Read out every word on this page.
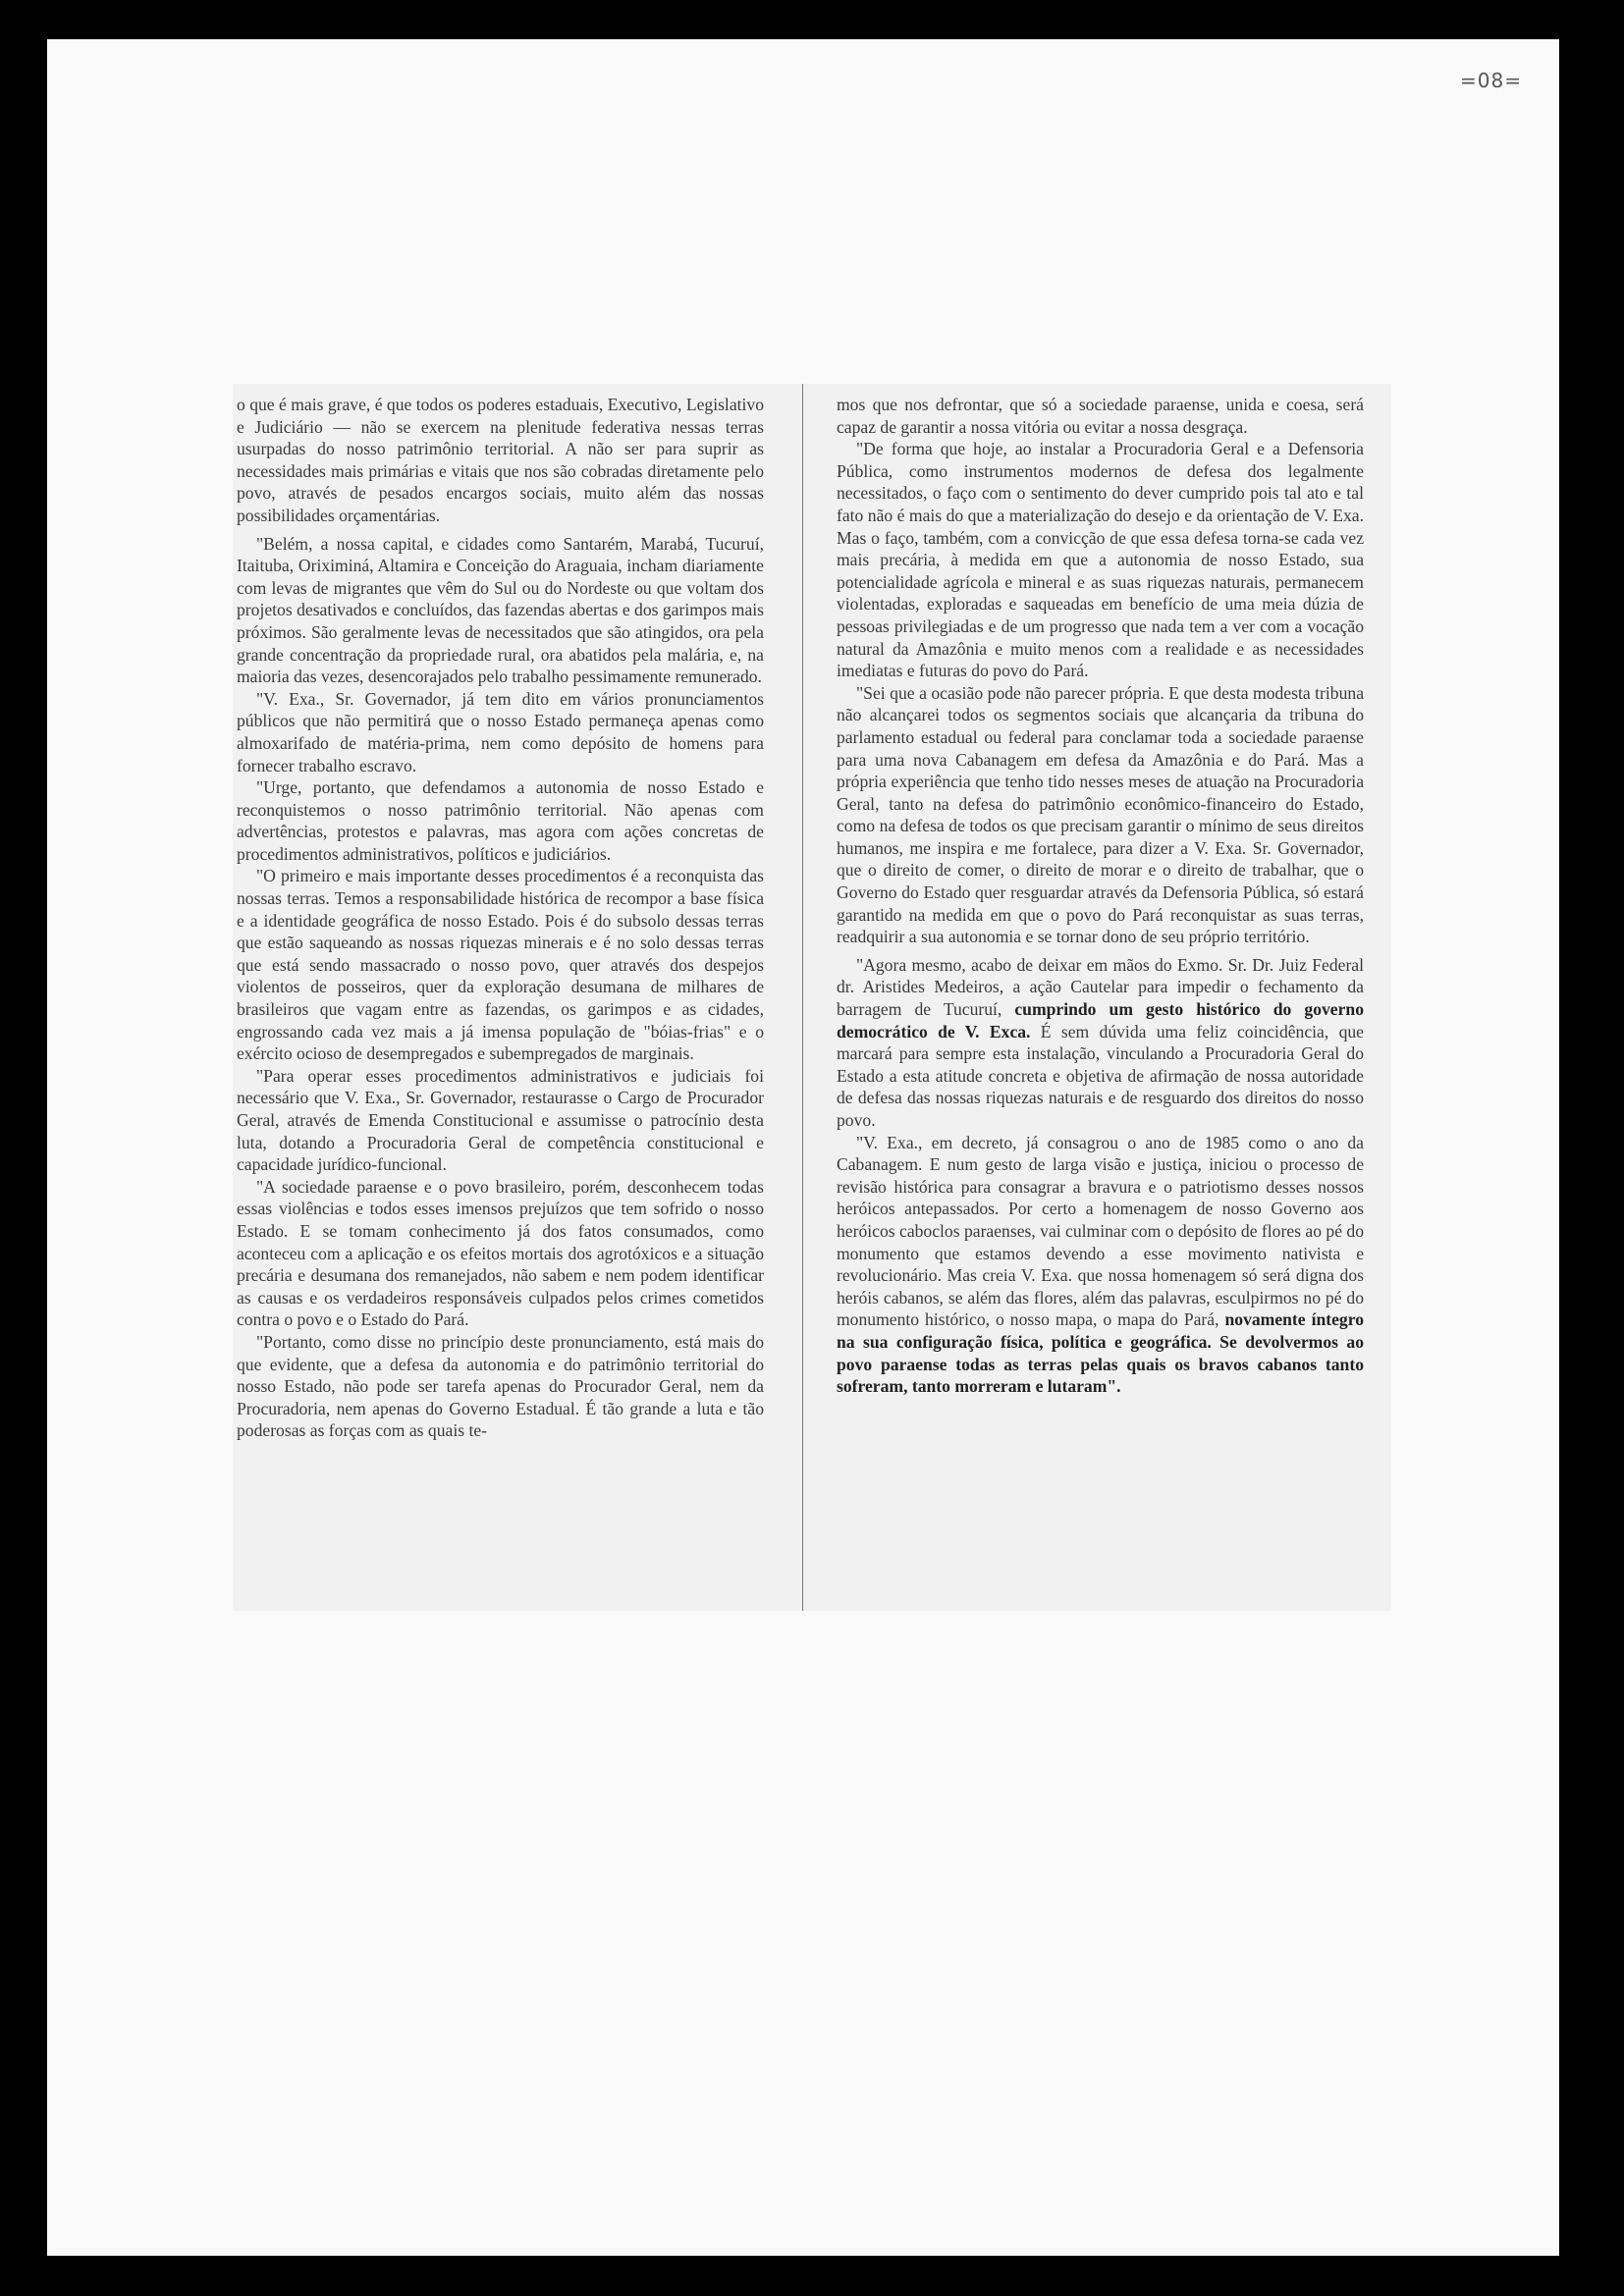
=08=

o que é mais grave, é que todos os poderes estaduais, Executivo, Legislativo e Judiciário — não se exercem na plenitude federativa nessas terras usurpadas do nosso patrimônio territorial. A não ser para suprir as necessidades mais primárias e vitais que nos são cobradas diretamente pelo povo, através de pesados encargos sociais, muito além das nossas possibilidades orçamentárias.

"Belém, a nossa capital, e cidades como Santarém, Marabá, Tucuruí, Itaituba, Oriximiná, Altamira e Conceição do Araguaia, incham diariamente com levas de migrantes que vêm do Sul ou do Nordeste ou que voltam dos projetos desativados e concluídos, das fazendas abertas e dos garimpos mais próximos. São geralmente levas de necessitados que são atingidos, ora pela grande concentração da propriedade rural, ora abatidos pela malária, e, na maioria das vezes, desencorajados pelo trabalho pessimamente remunerado.

"V. Exa., Sr. Governador, já tem dito em vários pronunciamentos públicos que não permitirá que o nosso Estado permaneça apenas como almoxarifado de matéria-prima, nem como depósito de homens para fornecer trabalho escravo.

"Urge, portanto, que defendamos a autonomia de nosso Estado e reconquistemos o nosso patrimônio territorial. Não apenas com advertências, protestos e palavras, mas agora com ações concretas de procedimentos administrativos, políticos e judiciários.

"O primeiro e mais importante desses procedimentos é a reconquista das nossas terras. Temos a responsabilidade histórica de recompor a base física e a identidade geográfica de nosso Estado. Pois é do subsolo dessas terras que estão saqueando as nossas riquezas minerais e é no solo dessas terras que está sendo massacrado o nosso povo, quer através dos despejos violentos de posseiros, quer da exploração desumana de milhares de brasileiros que vagam entre as fazendas, os garimpos e as cidades, engrossando cada vez mais a já imensa população de "bóias-frias" e o exército ocioso de desempregados e subempregados de marginais.

"Para operar esses procedimentos administrativos e judiciais foi necessário que V. Exa., Sr. Governador, restaurasse o Cargo de Procurador Geral, através de Emenda Constitucional e assumisse o patrocínio desta luta, dotando a Procuradoria Geral de competência constitucional e capacidade jurídico-funcional.

"A sociedade paraense e o povo brasileiro, porém, desconhecem todas essas violências e todos esses imensos prejuízos que tem sofrido o nosso Estado. E se tomam conhecimento já dos fatos consumados, como aconteceu com a aplicação e os efeitos mortais dos agrotóxicos e a situação precária e desumana dos remanejados, não sabem e nem podem identificar as causas e os verdadeiros responsáveis culpados pelos crimes cometidos contra o povo e o Estado do Pará.

"Portanto, como disse no princípio deste pronunciamento, está mais do que evidente, que a defesa da autonomia e do patrimônio territorial do nosso Estado, não pode ser tarefa apenas do Procurador Geral, nem da Procuradoria, nem apenas do Governo Estadual. É tão grande a luta e tão poderosas as forças com as quais te-

mos que nos defrontar, que só a sociedade paraense, unida e coesa, será capaz de garantir a nossa vitória ou evitar a nossa desgraça.

"De forma que hoje, ao instalar a Procuradoria Geral e a Defensoria Pública, como instrumentos modernos de defesa dos legalmente necessitados, o faço com o sentimento do dever cumprido pois tal ato e tal fato não é mais do que a materialização do desejo e da orientação de V. Exa. Mas o faço, também, com a convicção de que essa defesa torna-se cada vez mais precária, à medida em que a autonomia de nosso Estado, sua potencialidade agrícola e mineral e as suas riquezas naturais, permanecem violentadas, exploradas e saqueadas em benefício de uma meia dúzia de pessoas privilegiadas e de um progresso que nada tem a ver com a vocação natural da Amazônia e muito menos com a realidade e as necessidades imediatas e futuras do povo do Pará.

"Sei que a ocasião pode não parecer própria. E que desta modesta tribuna não alcançarei todos os segmentos sociais que alcançaria da tribuna do parlamento estadual ou federal para conclamar toda a sociedade paraense para uma nova Cabanagem em defesa da Amazônia e do Pará. Mas a própria experiência que tenho tido nesses meses de atuação na Procuradoria Geral, tanto na defesa do patrimônio econômico-financeiro do Estado, como na defesa de todos os que precisam garantir o mínimo de seus direitos humanos, me inspira e me fortalece, para dizer a V. Exa. Sr. Governador, que o direito de comer, o direito de morar e o direito de trabalhar, que o Governo do Estado quer resguardar através da Defensoria Pública, só estará garantido na medida em que o povo do Pará reconquistar as suas terras, readquirir a sua autonomia e se tornar dono de seu próprio território.

"Agora mesmo, acabo de deixar em mãos do Exmo. Sr. Dr. Juiz Federal dr. Aristides Medeiros, a ação Cautelar para impedir o fechamento da barragem de Tucuruí, cumprindo um gesto histórico do governo democrático de V. Exca. É sem dúvida uma feliz coincidência, que marcará para sempre esta instalação, vinculando a Procuradoria Geral do Estado a esta atitude concreta e objetiva de afirmação de nossa autoridade de defesa das nossas riquezas naturais e de resguardo dos direitos do nosso povo.

"V. Exa., em decreto, já consagrou o ano de 1985 como o ano da Cabanagem. E num gesto de larga visão e justiça, iniciou o processo de revisão histórica para consagrar a bravura e o patriotismo desses nossos heróicos antepassados. Por certo a homenagem de nosso Governo aos heróicos caboclos paraenses, vai culminar com o depósito de flores ao pé do monumento que estamos devendo a esse movimento nativista e revolucionário. Mas creia V. Exa. que nossa homenagem só será digna dos heróis cabanos, se além das flores, além das palavras, esculpirmos no pé do monumento histórico, o nosso mapa, o mapa do Pará, novamente íntegro na sua configuração física, política e geográfica. Se devolvermos ao povo paraense todas as terras pelas quais os bravos cabanos tanto sofreram, tanto morreram e lutaram".
